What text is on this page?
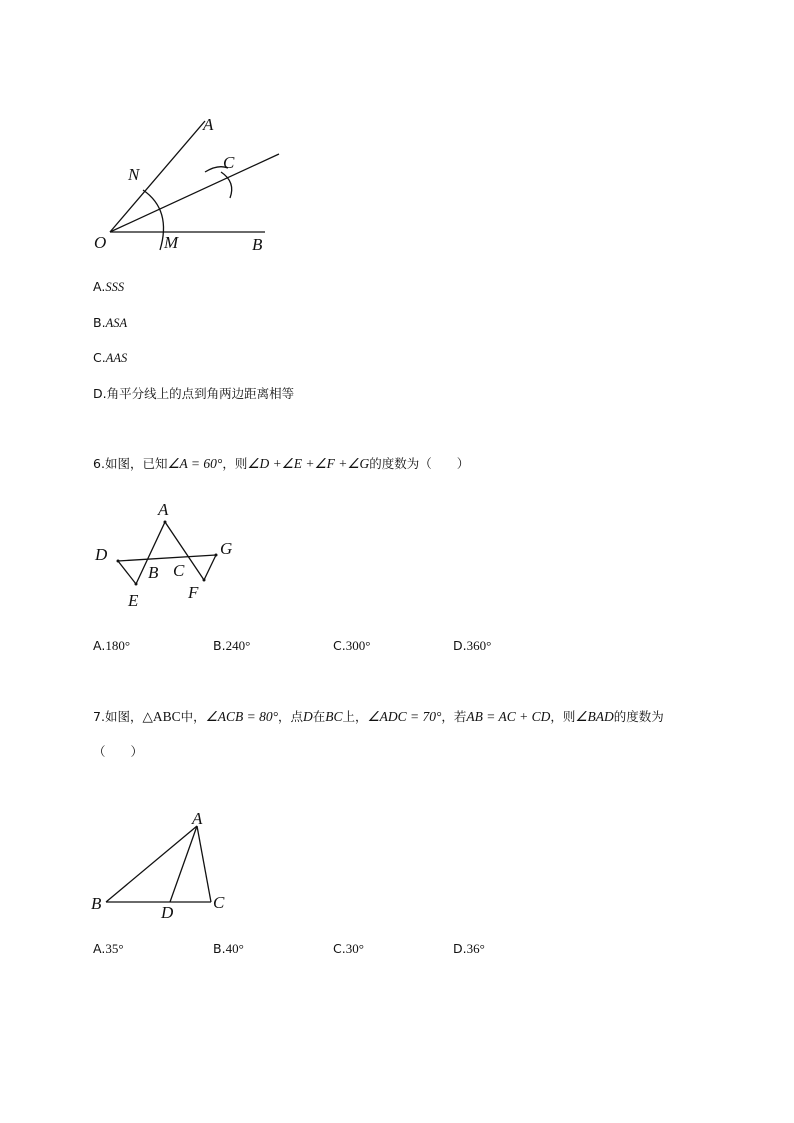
A
N
C
O	M	B
A.SSS
B.ASA
C.AAS
D.角平分线上的点到角两边距离相等
6.如图，已知∠A = 60°，则∠D +∠E +∠F +∠G的度数为（　　）
A
D	G
B C
E	F
A.180°	B.240°	C.300°	D.360°
7.如图，△ABC中，∠ACB = 80°，点D在BC上，∠ADC = 70°，若AB = AC + CD，则∠BAD的度数为
（　　）
A
B	C
D
A.35°	B.40°	C.30°	D.36°
